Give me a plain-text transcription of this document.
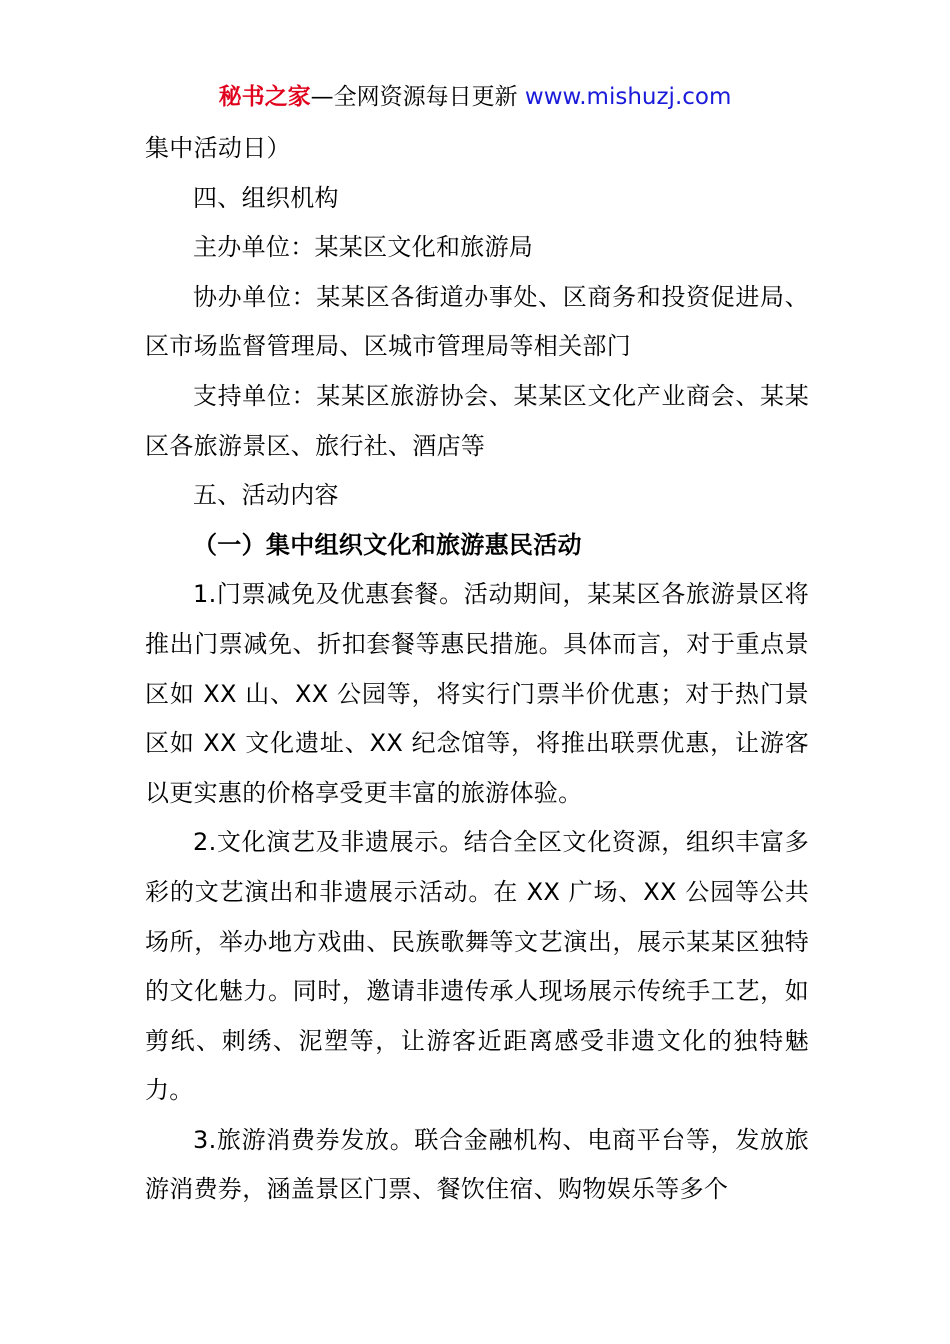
秘书之家—全网资源每日更新 www.mishuzj.com

集中活动日）

四、组织机构

主办单位：某某区文化和旅游局

协办单位：某某区各街道办事处、区商务和投资促进局、区市场监督管理局、区城市管理局等相关部门

支持单位：某某区旅游协会、某某区文化产业商会、某某区各旅游景区、旅行社、酒店等

五、活动内容

（一）集中组织文化和旅游惠民活动

1.门票减免及优惠套餐。活动期间，某某区各旅游景区将推出门票减免、折扣套餐等惠民措施。具体而言，对于重点景区如 XX 山、XX 公园等，将实行门票半价优惠；对于热门景区如 XX 文化遗址、XX 纪念馆等，将推出联票优惠，让游客以更实惠的价格享受更丰富的旅游体验。

2.文化演艺及非遗展示。结合全区文化资源，组织丰富多彩的文艺演出和非遗展示活动。在 XX 广场、XX 公园等公共场所，举办地方戏曲、民族歌舞等文艺演出，展示某某区独特的文化魅力。同时，邀请非遗传承人现场展示传统手工艺，如剪纸、刺绣、泥塑等，让游客近距离感受非遗文化的独特魅力。

3.旅游消费券发放。联合金融机构、电商平台等，发放旅游消费券，涵盖景区门票、餐饮住宿、购物娱乐等多个
